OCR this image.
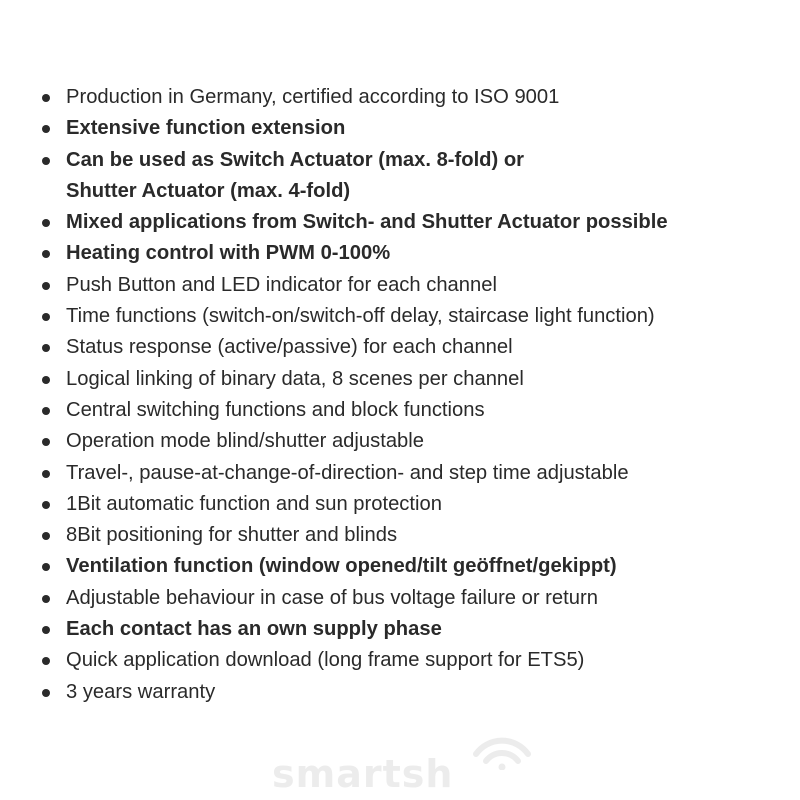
Production in Germany, certified according to ISO 9001
Extensive function extension
Can be used as Switch Actuator (max. 8-fold) or
Shutter Actuator (max. 4-fold)
Mixed applications from Switch- and Shutter Actuator possible
Heating control with PWM 0-100%
Push Button and LED indicator for each channel
Time functions (switch-on/switch-off delay, staircase light function)
Status response (active/passive) for each channel
Logical linking of binary data, 8 scenes per channel
Central switching functions and block functions
Operation mode blind/shutter adjustable
Travel-, pause-at-change-of-direction- and step time adjustable
1Bit automatic function and sun protection
8Bit positioning for shutter and blinds
Ventilation function (window opened/tilt geöffnet/gekippt)
Adjustable behaviour in case of bus voltage failure or return
Each contact has an own supply phase
Quick application download (long frame support for ETS5)
3 years warranty
smartsh
